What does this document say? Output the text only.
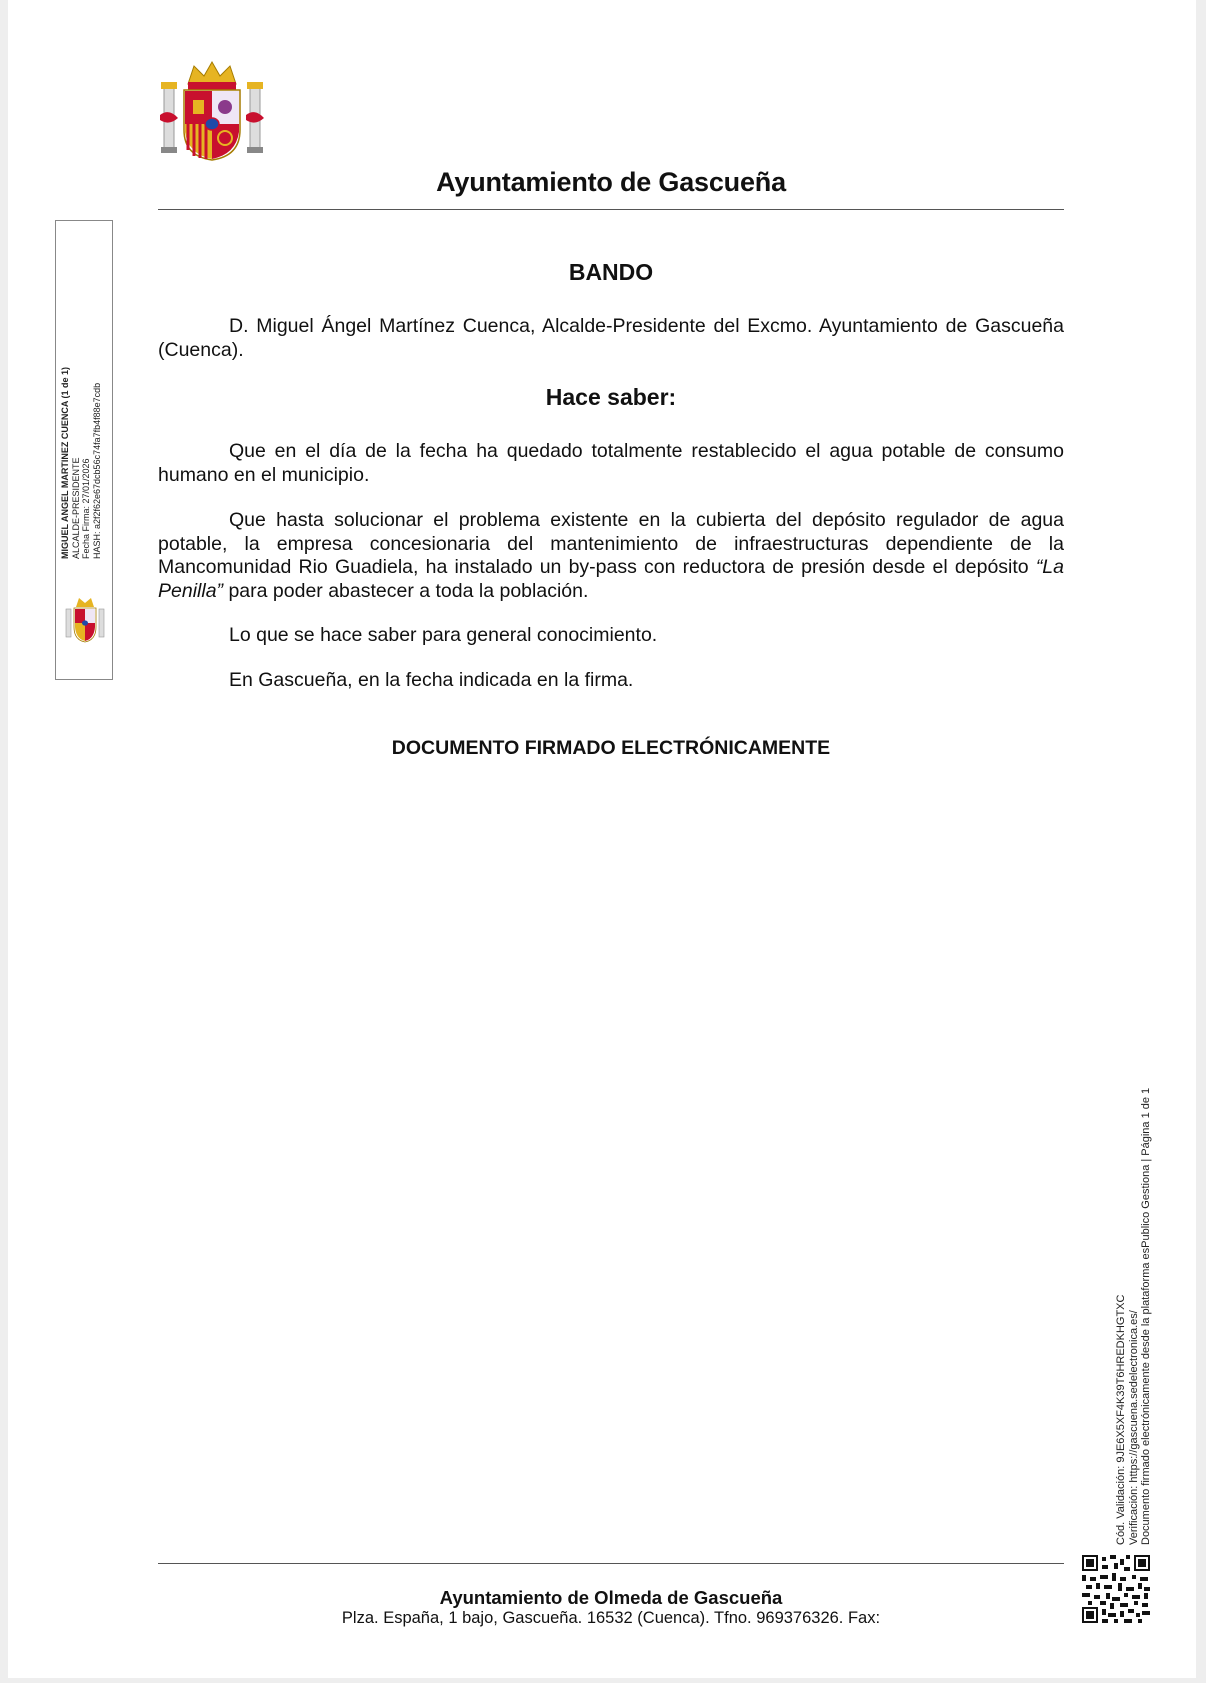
Ayuntamiento de Gascueña
MIGUEL ANGEL MARTINEZ CUENCA (1 de 1) ALCALDE-PRESIDENTE Fecha Firma: 27/01/2026 HASH: a2f2f62e67dcb56c74fa7fb4f88e7cdb
BANDO
D. Miguel Ángel Martínez Cuenca, Alcalde-Presidente del Excmo. Ayuntamiento de Gascueña (Cuenca).
Hace saber:
Que en el día de la fecha ha quedado totalmente restablecido el agua potable de consumo humano en el municipio.
Que hasta solucionar el problema existente en la cubierta del depósito regulador de agua potable, la empresa concesionaria del mantenimiento de infraestructuras dependiente de la Mancomunidad Rio Guadiela, ha instalado un by-pass con reductora de presión desde el depósito “La Penilla” para poder abastecer a toda la población.
Lo que se hace saber para general conocimiento.
En Gascueña, en la fecha indicada en la firma.
DOCUMENTO FIRMADO ELECTRÓNICAMENTE
Cód. Validación: 9JE6X5XF4K39T6HREDKHGTXC Verificación: https://gascuena.sedelectronica.es/ Documento firmado electrónicamente desde la plataforma esPublico Gestiona | Página 1 de 1
Ayuntamiento de Olmeda de Gascueña
Plza. España, 1 bajo, Gascueña. 16532 (Cuenca). Tfno. 969376326. Fax:
